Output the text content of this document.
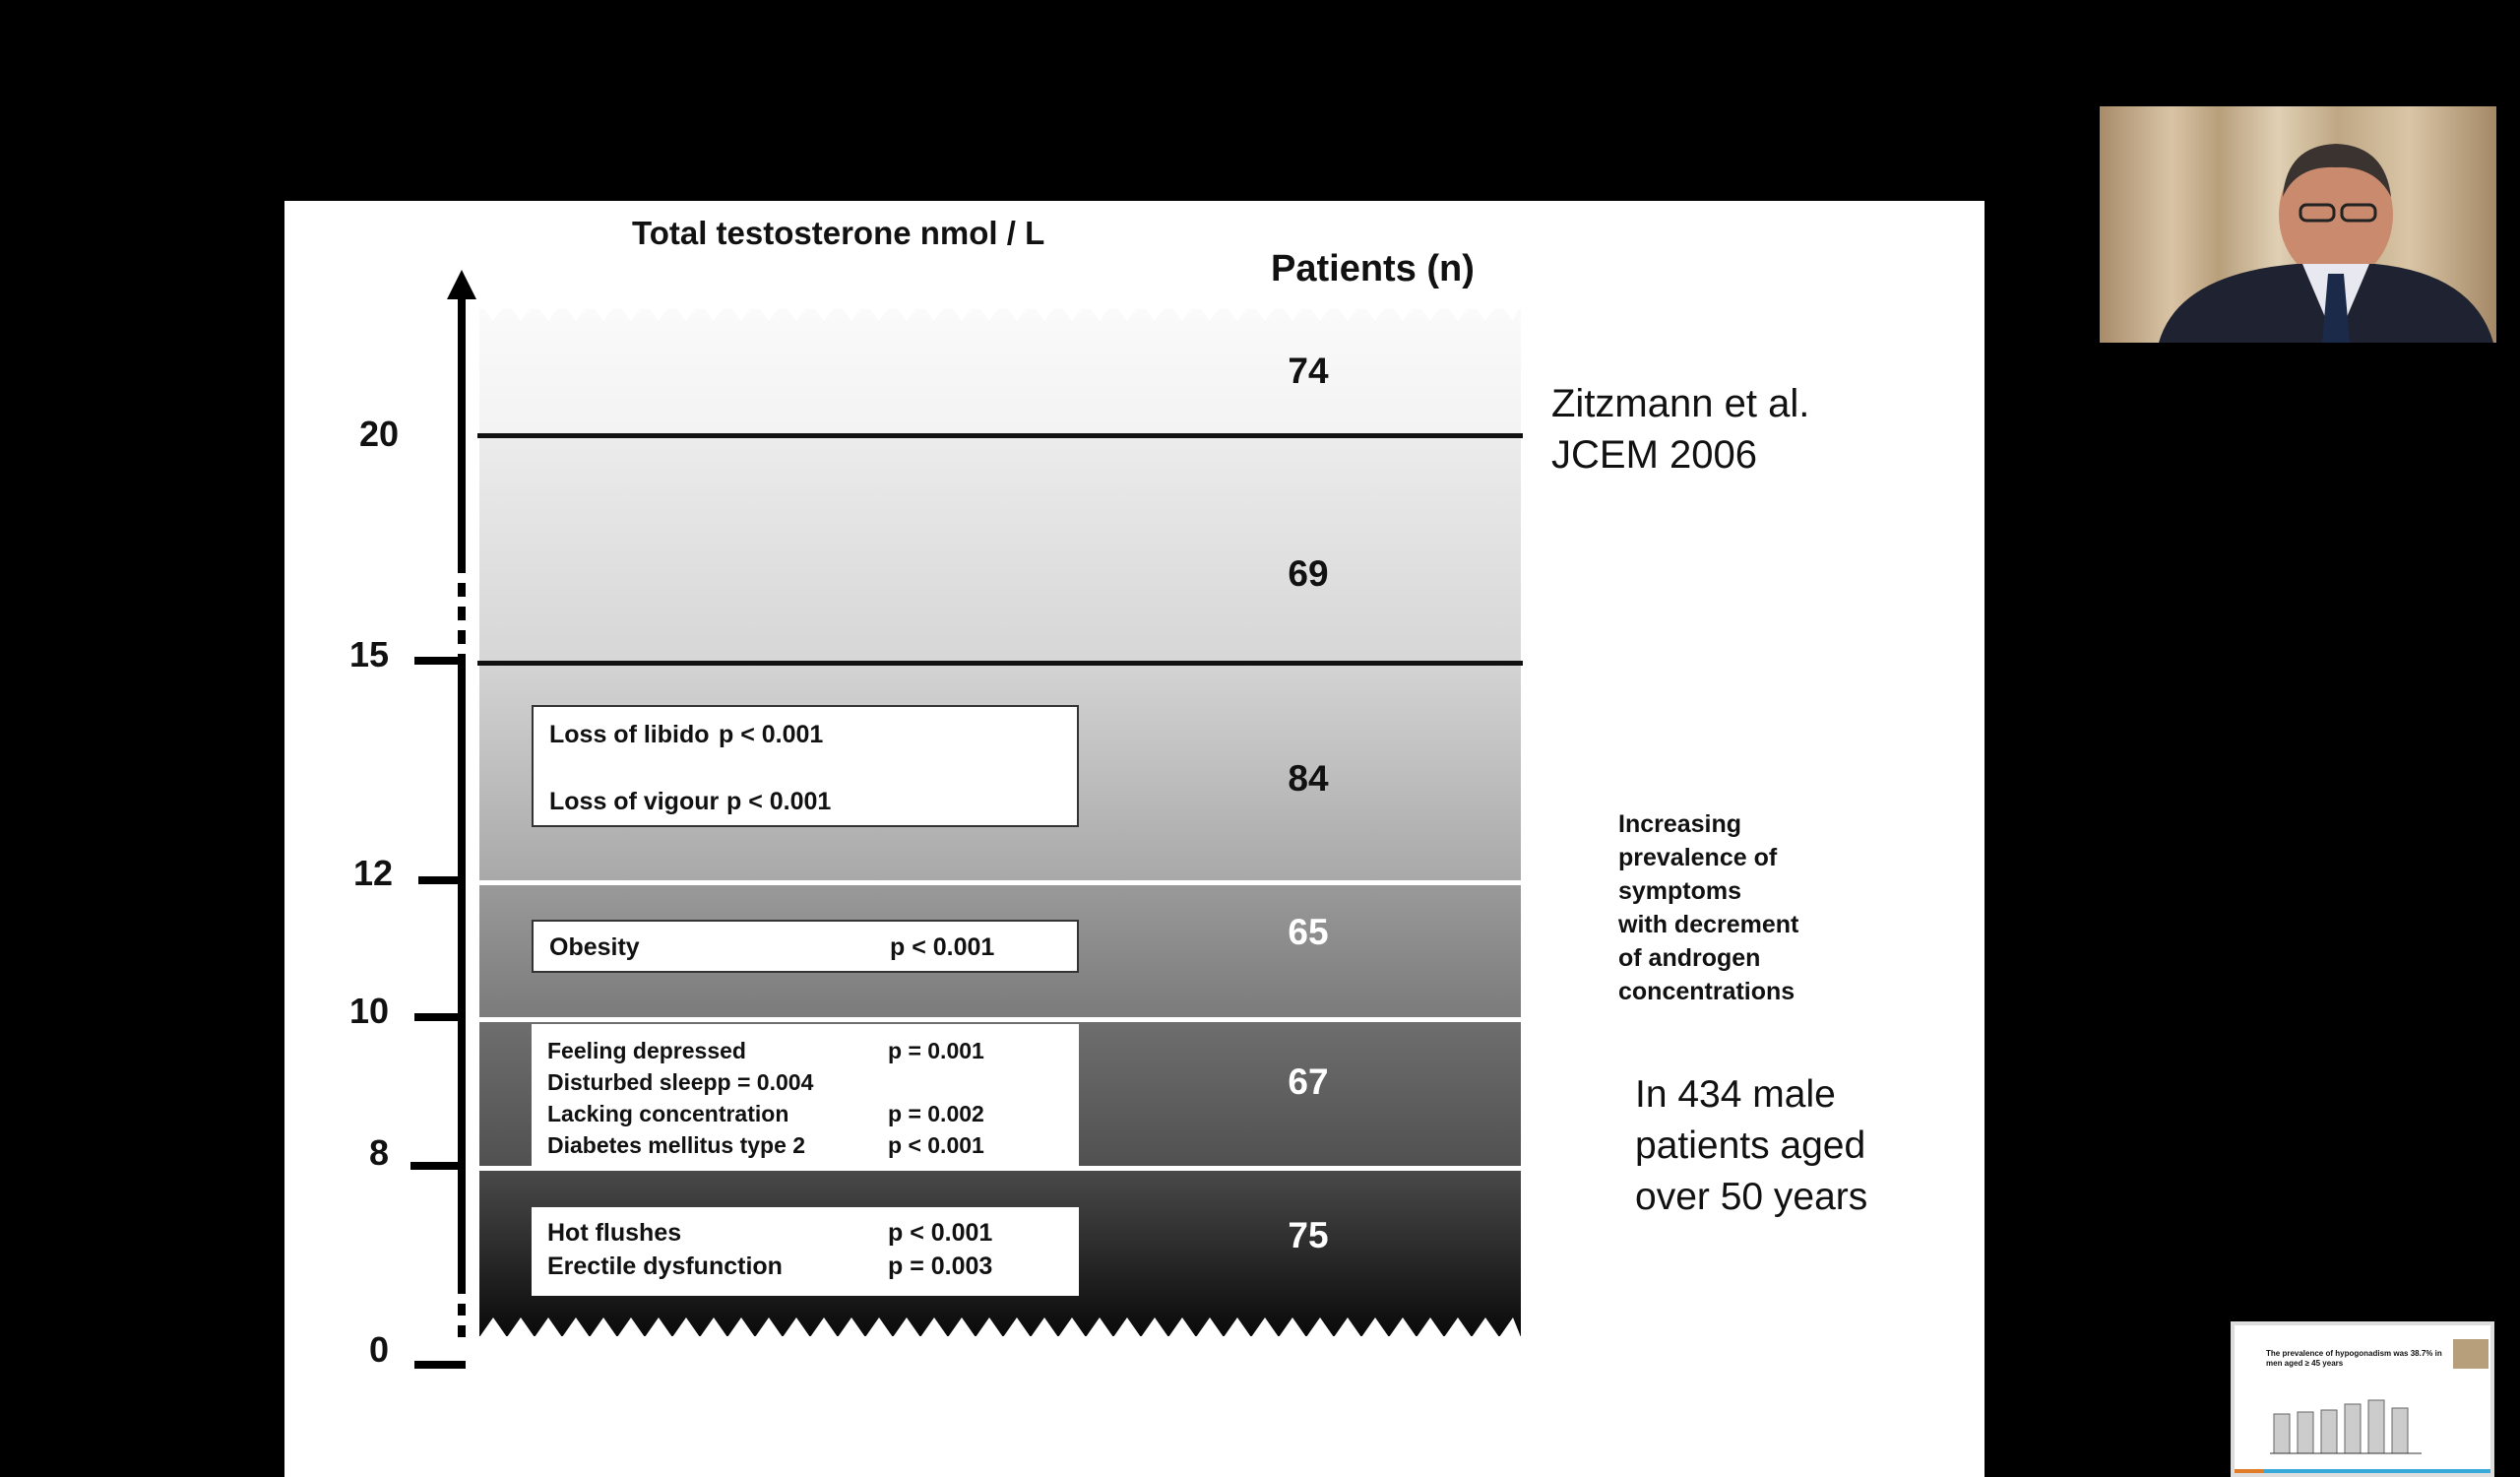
Total testosterone nmol / L
Patients (n)
20
15
12
10
8
0
74
69
84
65
67
75
Loss of libido p < 0.001
Loss of vigour p < 0.001
Obesity	p < 0.001
Feeling depressed	p = 0.001
Disturbed sleepp = 0.004
Lacking concentration	p = 0.002
Diabetes mellitus type 2	p < 0.001
Hot flushes	p < 0.001
Erectile dysfunction	p = 0.003
Zitzmann et al.
JCEM 2006
Increasing
prevalence of
symptoms
with decrement
of androgen
concentrations
In 434 male
patients aged
over 50 years
The prevalence of hypogonadism was 38.7% in men aged ≥ 45 years
